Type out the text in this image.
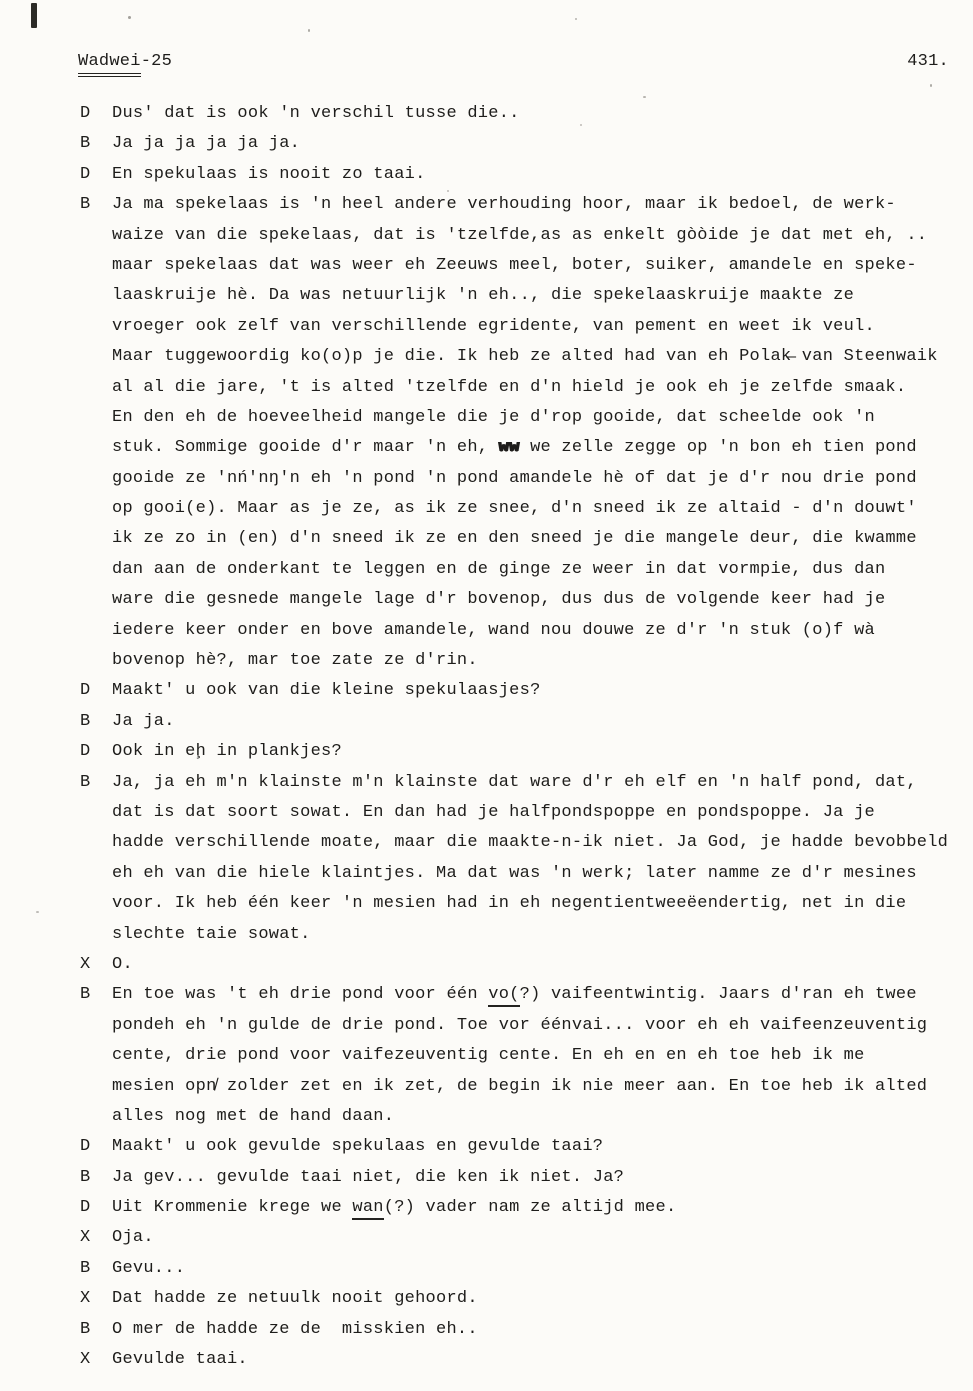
Wadwei-25	431.
D	Dus' dat is ook 'n verschil tusse die..
B	Ja ja ja ja ja ja.
D	En spekulaas is nooit zo taai.
B	Ja ma spekelaas is 'n heel andere verhouding hoor, maar ik bedoel, de werk-
waize van die spekelaas, dat is 'tzelfde,as as enkelt gòòide je dat met eh, ..
maar spekelaas dat was weer eh Zeeuws meel, boter, suiker, amandele en speke-
laaskruije hè. Da was netuurlijk 'n eh.., die spekelaaskruije maakte ze
vroeger ook zelf van verschillende egridente, van pement en weet ik veul.
Maar tuggewoordig ko(o)p je die. Ik heb ze alted had van eh Polak̶ van Steenwaik
al al die jare, 't is alted 'tzelfde en d'n hield je ook eh je zelfde smaak.
En den eh de hoeveelheid mangele die je d'rop gooide, dat scheelde ook 'n
stuk. Sommige gooide d'r maar 'n eh, ww we zelle zegge op 'n bon eh tien pond
gooide ze 'nń'nŋ'n eh 'n pond 'n pond amandele hè of dat je d'r nou drie pond
op gooi(e). Maar as je ze, as ik ze snee, d'n sneed ik ze altaid - d'n douwt'
ik ze zo in (en) d'n sneed ik ze en den sneed je die mangele deur, die kwamme
dan aan de onderkant te leggen en de ginge ze weer in dat vormpie, dus dan
ware die gesnede mangele lage d'r bovenop, dus dus de volgende keer had je
iedere keer onder en bove amandele, wand nou douwe ze d'r 'n stuk (o)f wà
bovenop hè?, mar toe zate ze d'rin.
D	Maakt' u ook van die kleine spekulaasjes?
B	Ja ja.
D	Ook in eḩ in plankjes?
B	Ja, ja eh m'n klainste m'n klainste dat ware d'r eh elf en 'n half pond, dat,
dat is dat soort sowat. En dan had je halfpondspoppe en pondspoppe. Ja je
hadde verschillende moate, maar die maakte-n-ik niet. Ja God, je hadde bevobbeld
eh eh van die hiele klaintjes. Ma dat was 'n werk; later namme ze d'r mesines
voor. Ik heb één keer 'n mesien had in eh negentientweeëendertig, net in die
slechte taie sowat.
X	O.
B	En toe was 't eh drie pond voor één vo(?) vaifeentwintig. Jaars d'ran eh twee
pondeh eh 'n gulde de drie pond. Toe vor éénvai... voor eh eh vaifeenzeuventig
cente, drie pond voor vaifezeuventig cente. En eh en en eh toe heb ik me
mesien opn̸ zolder zet en ik zet, de begin ik nie meer aan. En toe heb ik alted
alles nog met de hand daan.
D	Maakt' u ook gevulde spekulaas en gevulde taai?
B	Ja gev... gevulde taai niet, die ken ik niet. Ja?
D	Uit Krommenie krege we wan(?) vader nam ze altijd mee.
X	Oja.
B	Gevu...
X	Dat hadde ze netuulk nooit gehoord.
B	O mer de hadde ze de  misskien eh..
X	Gevulde taai.
